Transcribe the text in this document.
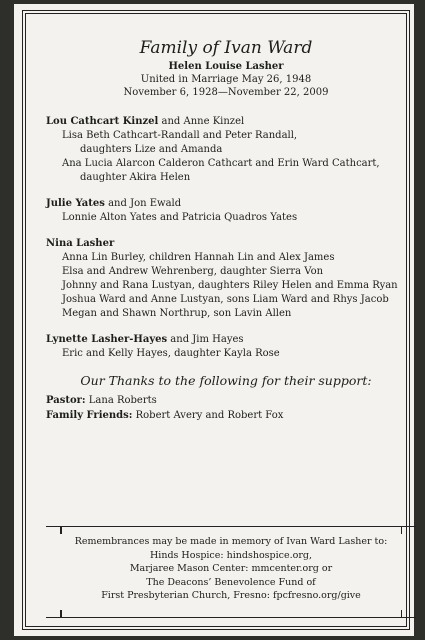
Family of Ivan Ward
Helen Louise Lasher
United in Marriage May 26, 1948
November 6, 1928—November 22, 2009
Lou Cathcart Kinzel and Anne Kinzel
Lisa Beth Cathcart-Randall and Peter Randall,
daughters Lize and Amanda
Ana Lucia Alarcon Calderon Cathcart and Erin Ward Cathcart,
daughter Akira Helen
Julie Yates and Jon Ewald
Lonnie Alton Yates and Patricia Quadros Yates
Nina Lasher
Anna Lin Burley, children Hannah Lin and Alex James
Elsa and Andrew Wehrenberg, daughter Sierra Von
Johnny and Rana Lustyan, daughters Riley Helen and Emma Ryan
Joshua Ward and Anne Lustyan, sons Liam Ward and Rhys Jacob
Megan and Shawn Northrup, son Lavin Allen
Lynette Lasher-Hayes and Jim Hayes
Eric and Kelly Hayes, daughter Kayla Rose
Our Thanks to the following for their support:
Pastor: Lana Roberts
Family Friends: Robert Avery and Robert Fox
Remembrances may be made in memory of Ivan Ward Lasher to:
Hinds Hospice: hindshospice.org,
Marjaree Mason Center: mmcenter.org or
The Deacons’ Benevolence Fund of
First Presbyterian Church, Fresno: fpcfresno.org/give
